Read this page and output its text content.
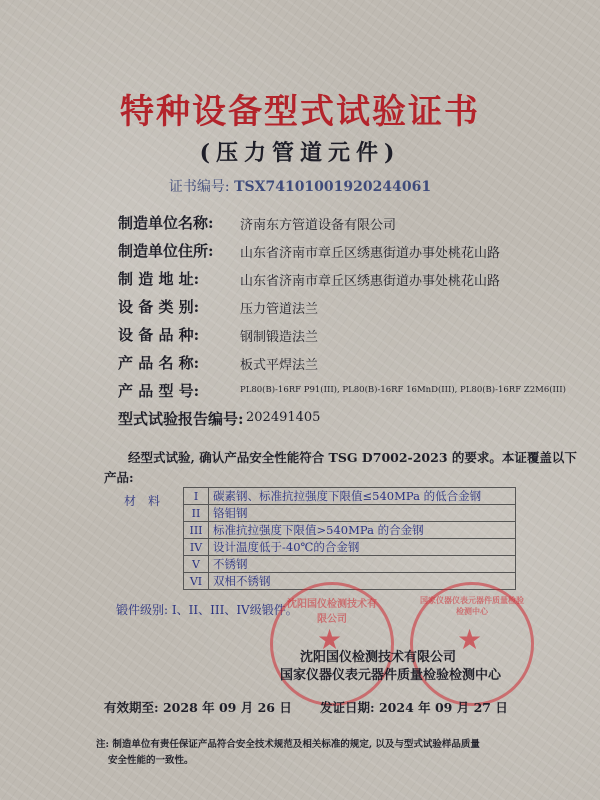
特种设备型式试验证书
(压力管道元件)
证书编号: TSX74101001920244061
制造单位名称: 济南东方管道设备有限公司
制造单位住所: 山东省济南市章丘区绣惠街道办事处桃花山路
制 造 地 址:	山东省济南市章丘区绣惠街道办事处桃花山路
设 备 类 别:	压力管道法兰
设 备 品 种:	钢制锻造法兰
产 品 名 称:	板式平焊法兰
产 品 型 号:	PL80(B)-16RF P91(III), PL80(B)-16RF 16MnD(III), PL80(B)-16RF Z2M6(III)
型式试验报告编号: 202491405
经型式试验, 确认产品安全性能符合 TSG D7002-2023 的要求。本证覆盖以下
产品:
材料 I	碳素钢、标准抗拉强度下限值≤540MPa 的低合金钢
II	铬钼钢
III	标准抗拉强度下限值>540MPa 的合金钢
IV	设计温度低于-40℃的合金钢
V	不锈钢
VI	双相不锈钢
锻件级别: I、II、III、IV级锻件。
★
沈阳国仪检测技术有限公司
★
国家仪器仪表元器件质量检验检测中心
沈阳国仪检测技术有限公司
国家仪器仪表元器件质量检验检测中心
有效期至: 2028 年 09 月 26 日 发证日期: 2024 年 09 月 27 日
注: 制造单位有责任保证产品符合安全技术规范及相关标准的规定, 以及与型式试验样品质量
安全性能的一致性。
